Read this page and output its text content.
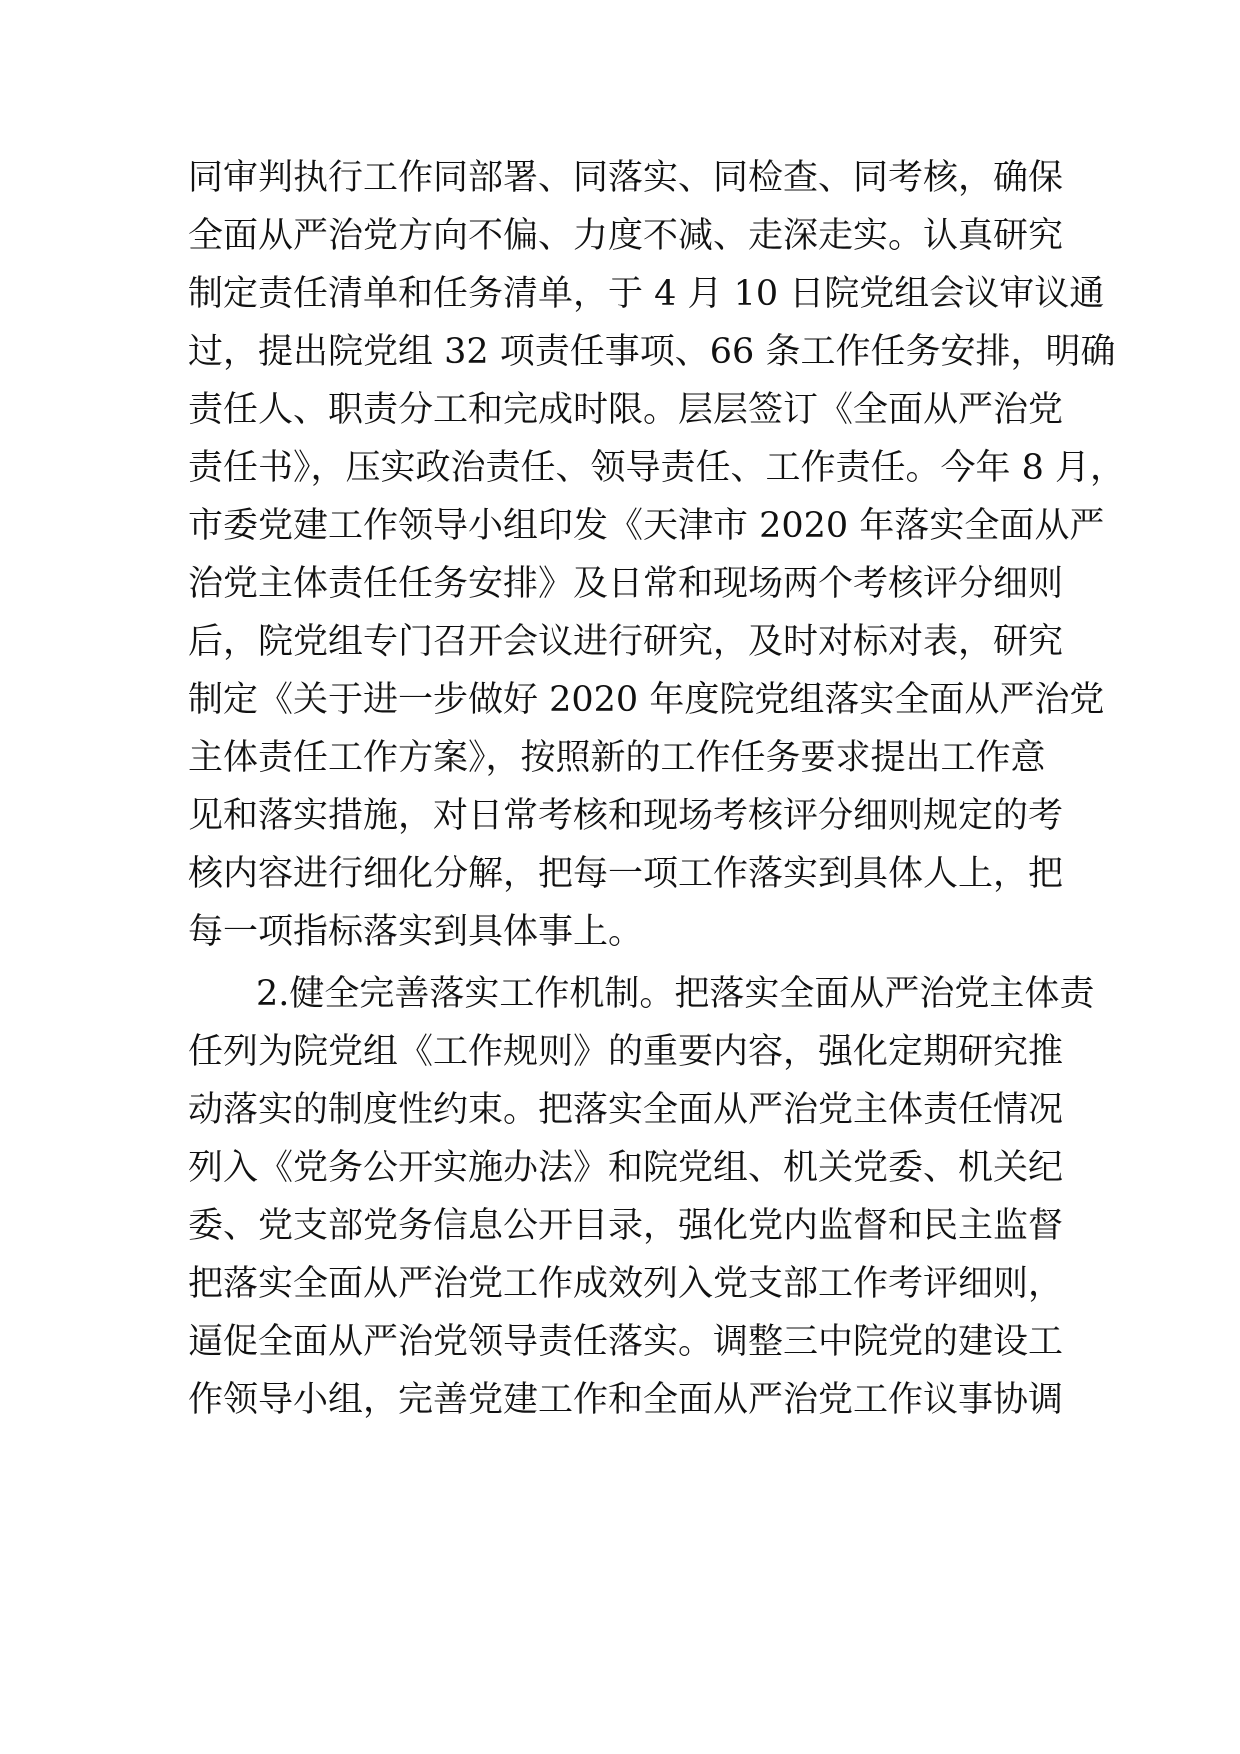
同审判执行工作同部署、同落实、同检查、同考核，确保

全面从严治党方向不偏、力度不减、走深走实。认真研究

制定责任清单和任务清单，于 4 月 10 日院党组会议审议通

过，提出院党组 32 项责任事项、66 条工作任务安排，明确

责任人、职责分工和完成时限。层层签订《全面从严治党

责任书》，压实政治责任、领导责任、工作责任。今年 8 月，

市委党建工作领导小组印发《天津市 2020 年落实全面从严

治党主体责任任务安排》及日常和现场两个考核评分细则

后，院党组专门召开会议进行研究，及时对标对表，研究

制定《关于进一步做好 2020 年度院党组落实全面从严治党

主体责任工作方案》，按照新的工作任务要求提出工作意

见和落实措施，对日常考核和现场考核评分细则规定的考

核内容进行细化分解，把每一项工作落实到具体人上，把

每一项指标落实到具体事上。

2.健全完善落实工作机制。把落实全面从严治党主体责

任列为院党组《工作规则》的重要内容，强化定期研究推

动落实的制度性约束。把落实全面从严治党主体责任情况

列入《党务公开实施办法》和院党组、机关党委、机关纪

委、党支部党务信息公开目录，强化党内监督和民主监督

把落实全面从严治党工作成效列入党支部工作考评细则，

逼促全面从严治党领导责任落实。调整三中院党的建设工

作领导小组，完善党建工作和全面从严治党工作议事协调
